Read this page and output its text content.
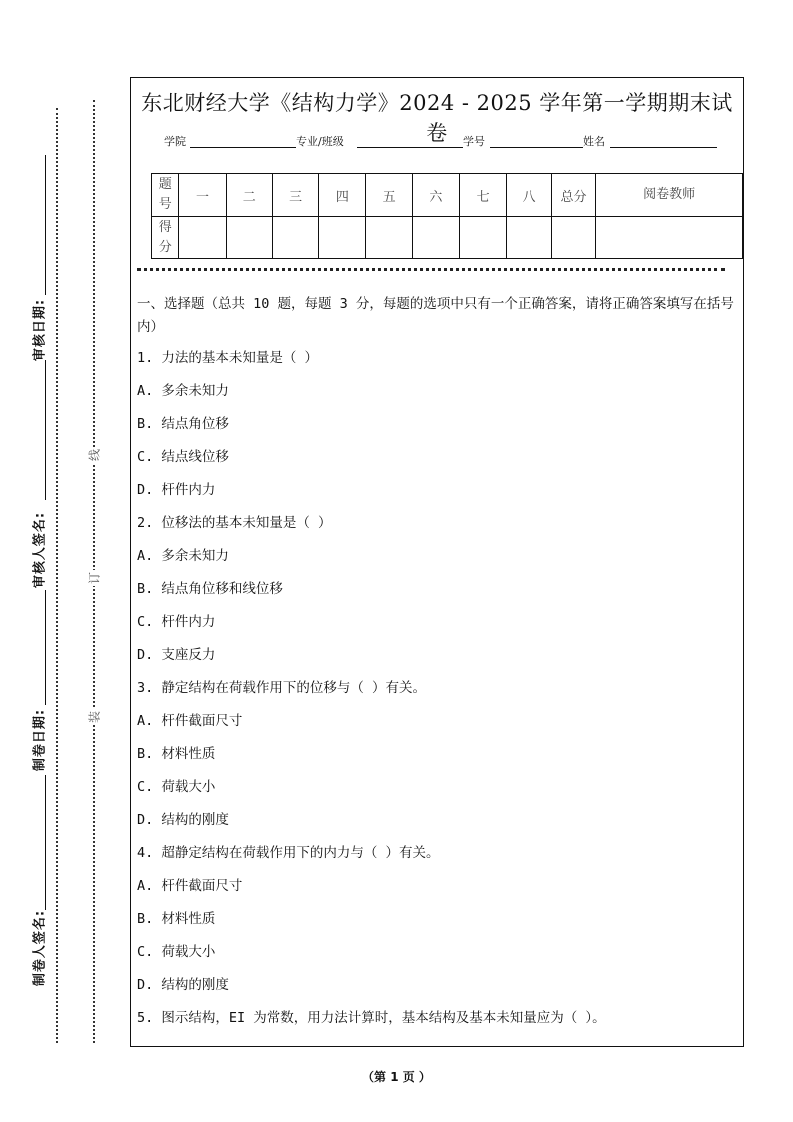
审核日期:
审核人签名:
制卷日期:
制卷人签名:
线
订
装
东北财经大学《结构力学》2024 - 2025 学年第一学期期末试卷
学院	专业/班级	学号	姓名
题
号	一	二	三	四	五	六	七	八	总分	阅卷教师

得
分										

一、选择题（总共 10 题，每题 3 分，每题的选项中只有一个正确答案，请将正确答案填写在括号内）
1. 力法的基本未知量是（ ）
A. 多余未知力
B. 结点角位移
C. 结点线位移
D. 杆件内力
2. 位移法的基本未知量是（ ）
A. 多余未知力
B. 结点角位移和线位移
C. 杆件内力
D. 支座反力
3. 静定结构在荷载作用下的位移与（ ）有关。
A. 杆件截面尺寸
B. 材料性质
C. 荷载大小
D. 结构的刚度
4. 超静定结构在荷载作用下的内力与（ ）有关。
A. 杆件截面尺寸
B. 材料性质
C. 荷载大小
D. 结构的刚度
5. 图示结构，EI 为常数，用力法计算时，基本结构及基本未知量应为（ ）。
（第 1 页 ）
